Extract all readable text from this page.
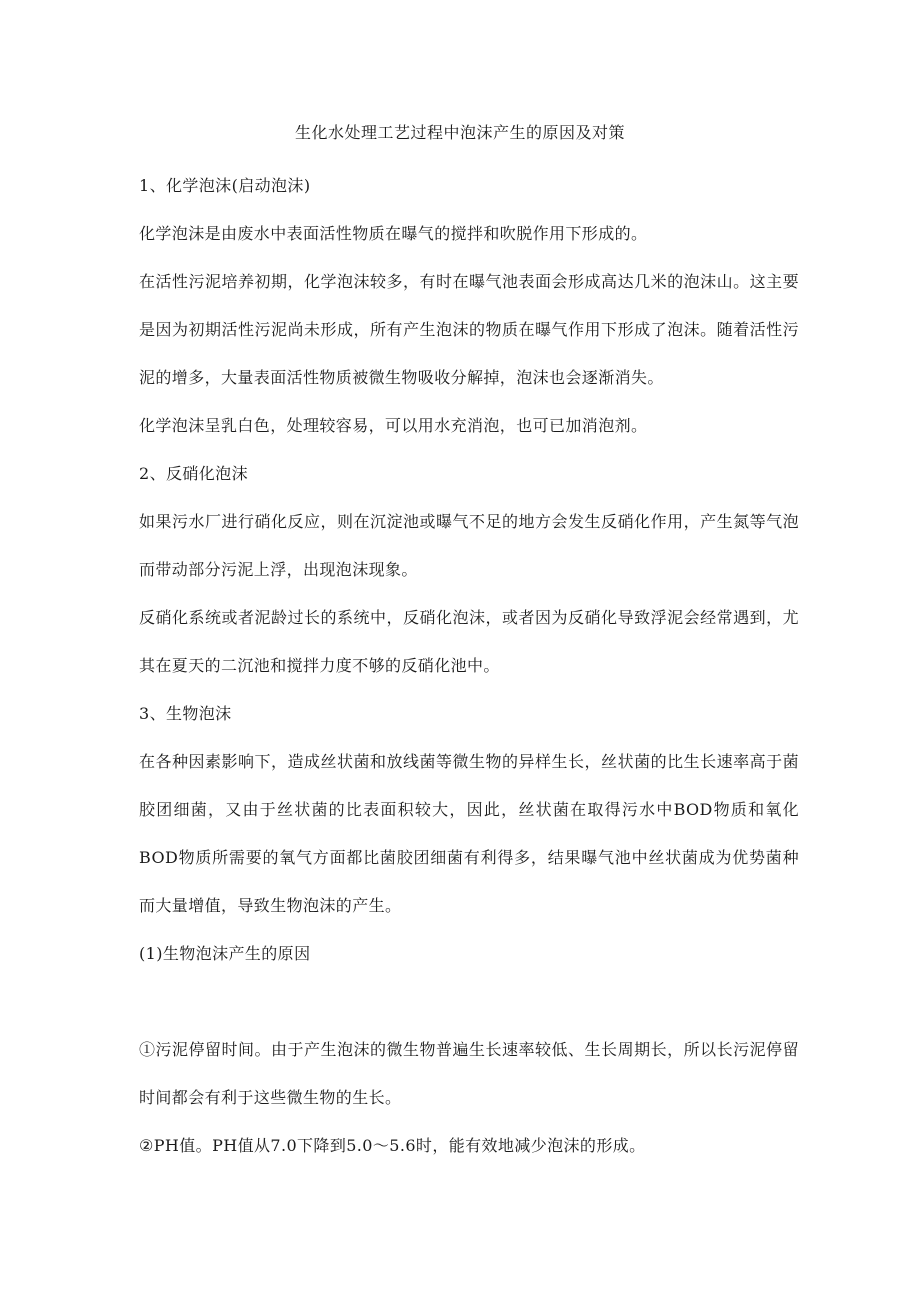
生化水处理工艺过程中泡沫产生的原因及对策

1、化学泡沫(启动泡沫)

化学泡沫是由废水中表面活性物质在曝气的搅拌和吹脱作用下形成的。

在活性污泥培养初期，化学泡沫较多，有时在曝气池表面会形成高达几米的泡沫山。这主要是因为初期活性污泥尚未形成，所有产生泡沫的物质在曝气作用下形成了泡沫。随着活性污泥的增多，大量表面活性物质被微生物吸收分解掉，泡沫也会逐渐消失。

化学泡沫呈乳白色，处理较容易，可以用水充消泡，也可已加消泡剂。

2、反硝化泡沫

如果污水厂进行硝化反应，则在沉淀池或曝气不足的地方会发生反硝化作用，产生氮等气泡而带动部分污泥上浮，出现泡沫现象。

反硝化系统或者泥龄过长的系统中，反硝化泡沫，或者因为反硝化导致浮泥会经常遇到，尤其在夏天的二沉池和搅拌力度不够的反硝化池中。

3、生物泡沫

在各种因素影响下，造成丝状菌和放线菌等微生物的异样生长，丝状菌的比生长速率高于菌胶团细菌，又由于丝状菌的比表面积较大，因此，丝状菌在取得污水中BOD物质和氧化BOD物质所需要的氧气方面都比菌胶团细菌有利得多，结果曝气池中丝状菌成为优势菌种而大量增值，导致生物泡沫的产生。

(1)生物泡沫产生的原因

①污泥停留时间。由于产生泡沫的微生物普遍生长速率较低、生长周期长，所以长污泥停留时间都会有利于这些微生物的生长。

②PH值。PH值从7.0下降到5.0～5.6时，能有效地减少泡沫的形成。
